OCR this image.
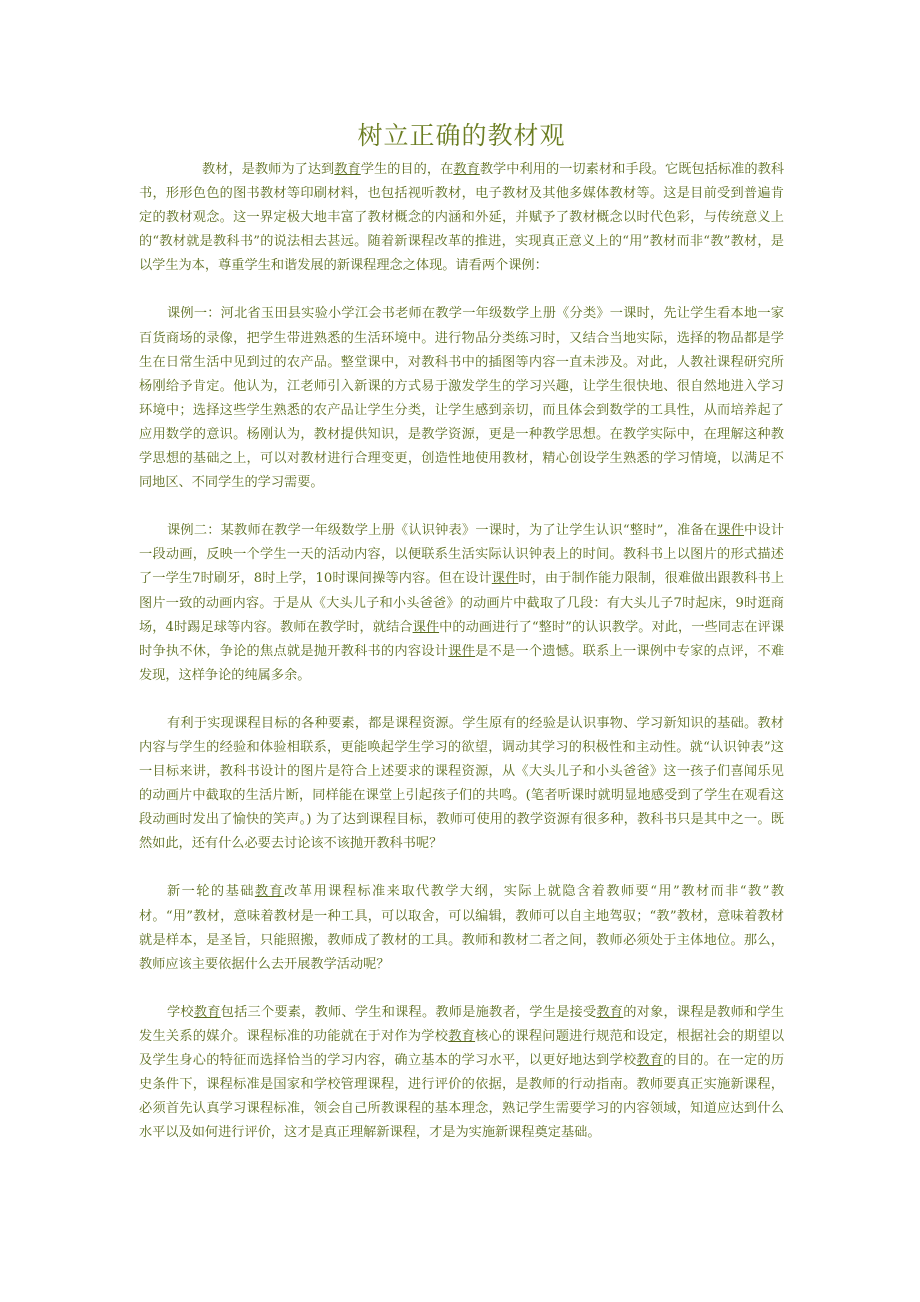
树立正确的教材观

教材，是教师为了达到教育学生的目的，在教育教学中利用的一切素材和手段。它既包括标准的教科书，形形色色的图书教材等印刷材料，也包括视听教材，电子教材及其他多媒体教材等。这是目前受到普遍肯定的教材观念。这一界定极大地丰富了教材概念的内涵和外延，并赋予了教材概念以时代色彩，与传统意义上的“教材就是教科书”的说法相去甚远。随着新课程改革的推进，实现真正意义上的“用”教材而非“教”教材，是以学生为本，尊重学生和谐发展的新课程理念之体现。请看两个课例：

课例一：河北省玉田县实验小学江会书老师在教学一年级数学上册《分类》一课时，先让学生看本地一家百货商场的录像，把学生带进熟悉的生活环境中。进行物品分类练习时，又结合当地实际，选择的物品都是学生在日常生活中见到过的农产品。整堂课中，对教科书中的插图等内容一直未涉及。对此，人教社课程研究所杨刚给予肯定。他认为，江老师引入新课的方式易于激发学生的学习兴趣，让学生很快地、很自然地进入学习环境中；选择这些学生熟悉的农产品让学生分类，让学生感到亲切，而且体会到数学的工具性，从而培养起了应用数学的意识。杨刚认为，教材提供知识，是教学资源，更是一种教学思想。在教学实际中，在理解这种教学思想的基础之上，可以对教材进行合理变更，创造性地使用教材，精心创设学生熟悉的学习情境，以满足不同地区、不同学生的学习需要。

课例二：某教师在教学一年级数学上册《认识钟表》一课时，为了让学生认识“整时”，准备在课件中设计一段动画，反映一个学生一天的活动内容，以便联系生活实际认识钟表上的时间。教科书上以图片的形式描述了一学生7时刷牙，8时上学，10时课间操等内容。但在设计课件时，由于制作能力限制，很难做出跟教科书上图片一致的动画内容。于是从《大头儿子和小头爸爸》的动画片中截取了几段：有大头儿子7时起床，9时逛商场，4时踢足球等内容。教师在教学时，就结合课件中的动画进行了“整时”的认识教学。对此，一些同志在评课时争执不休，争论的焦点就是抛开教科书的内容设计课件是不是一个遗憾。联系上一课例中专家的点评，不难发现，这样争论的纯属多余。

有利于实现课程目标的各种要素，都是课程资源。学生原有的经验是认识事物、学习新知识的基础。教材内容与学生的经验和体验相联系，更能唤起学生学习的欲望，调动其学习的积极性和主动性。就“认识钟表”这一目标来讲，教科书设计的图片是符合上述要求的课程资源，从《大头儿子和小头爸爸》这一孩子们喜闻乐见的动画片中截取的生活片断，同样能在课堂上引起孩子们的共鸣。(笔者听课时就明显地感受到了学生在观看这段动画时发出了愉快的笑声。) 为了达到课程目标，教师可使用的教学资源有很多种，教科书只是其中之一。既然如此，还有什么必要去讨论该不该抛开教科书呢？

新一轮的基础教育改革用课程标准来取代教学大纲，实际上就隐含着教师要“用”教材而非“教”教材。“用”教材，意味着教材是一种工具，可以取舍，可以编辑，教师可以自主地驾驭；“教”教材，意味着教材就是样本，是圣旨，只能照搬，教师成了教材的工具。教师和教材二者之间，教师必须处于主体地位。那么，教师应该主要依据什么去开展教学活动呢？

学校教育包括三个要素，教师、学生和课程。教师是施教者，学生是接受教育的对象，课程是教师和学生发生关系的媒介。课程标准的功能就在于对作为学校教育核心的课程问题进行规范和设定，根据社会的期望以及学生身心的特征而选择恰当的学习内容，确立基本的学习水平，以更好地达到学校教育的目的。在一定的历史条件下，课程标准是国家和学校管理课程，进行评价的依据，是教师的行动指南。教师要真正实施新课程，必须首先认真学习课程标准，领会自己所教课程的基本理念，熟记学生需要学习的内容领域，知道应达到什么水平以及如何进行评价，这才是真正理解新课程，才是为实施新课程奠定基础。
